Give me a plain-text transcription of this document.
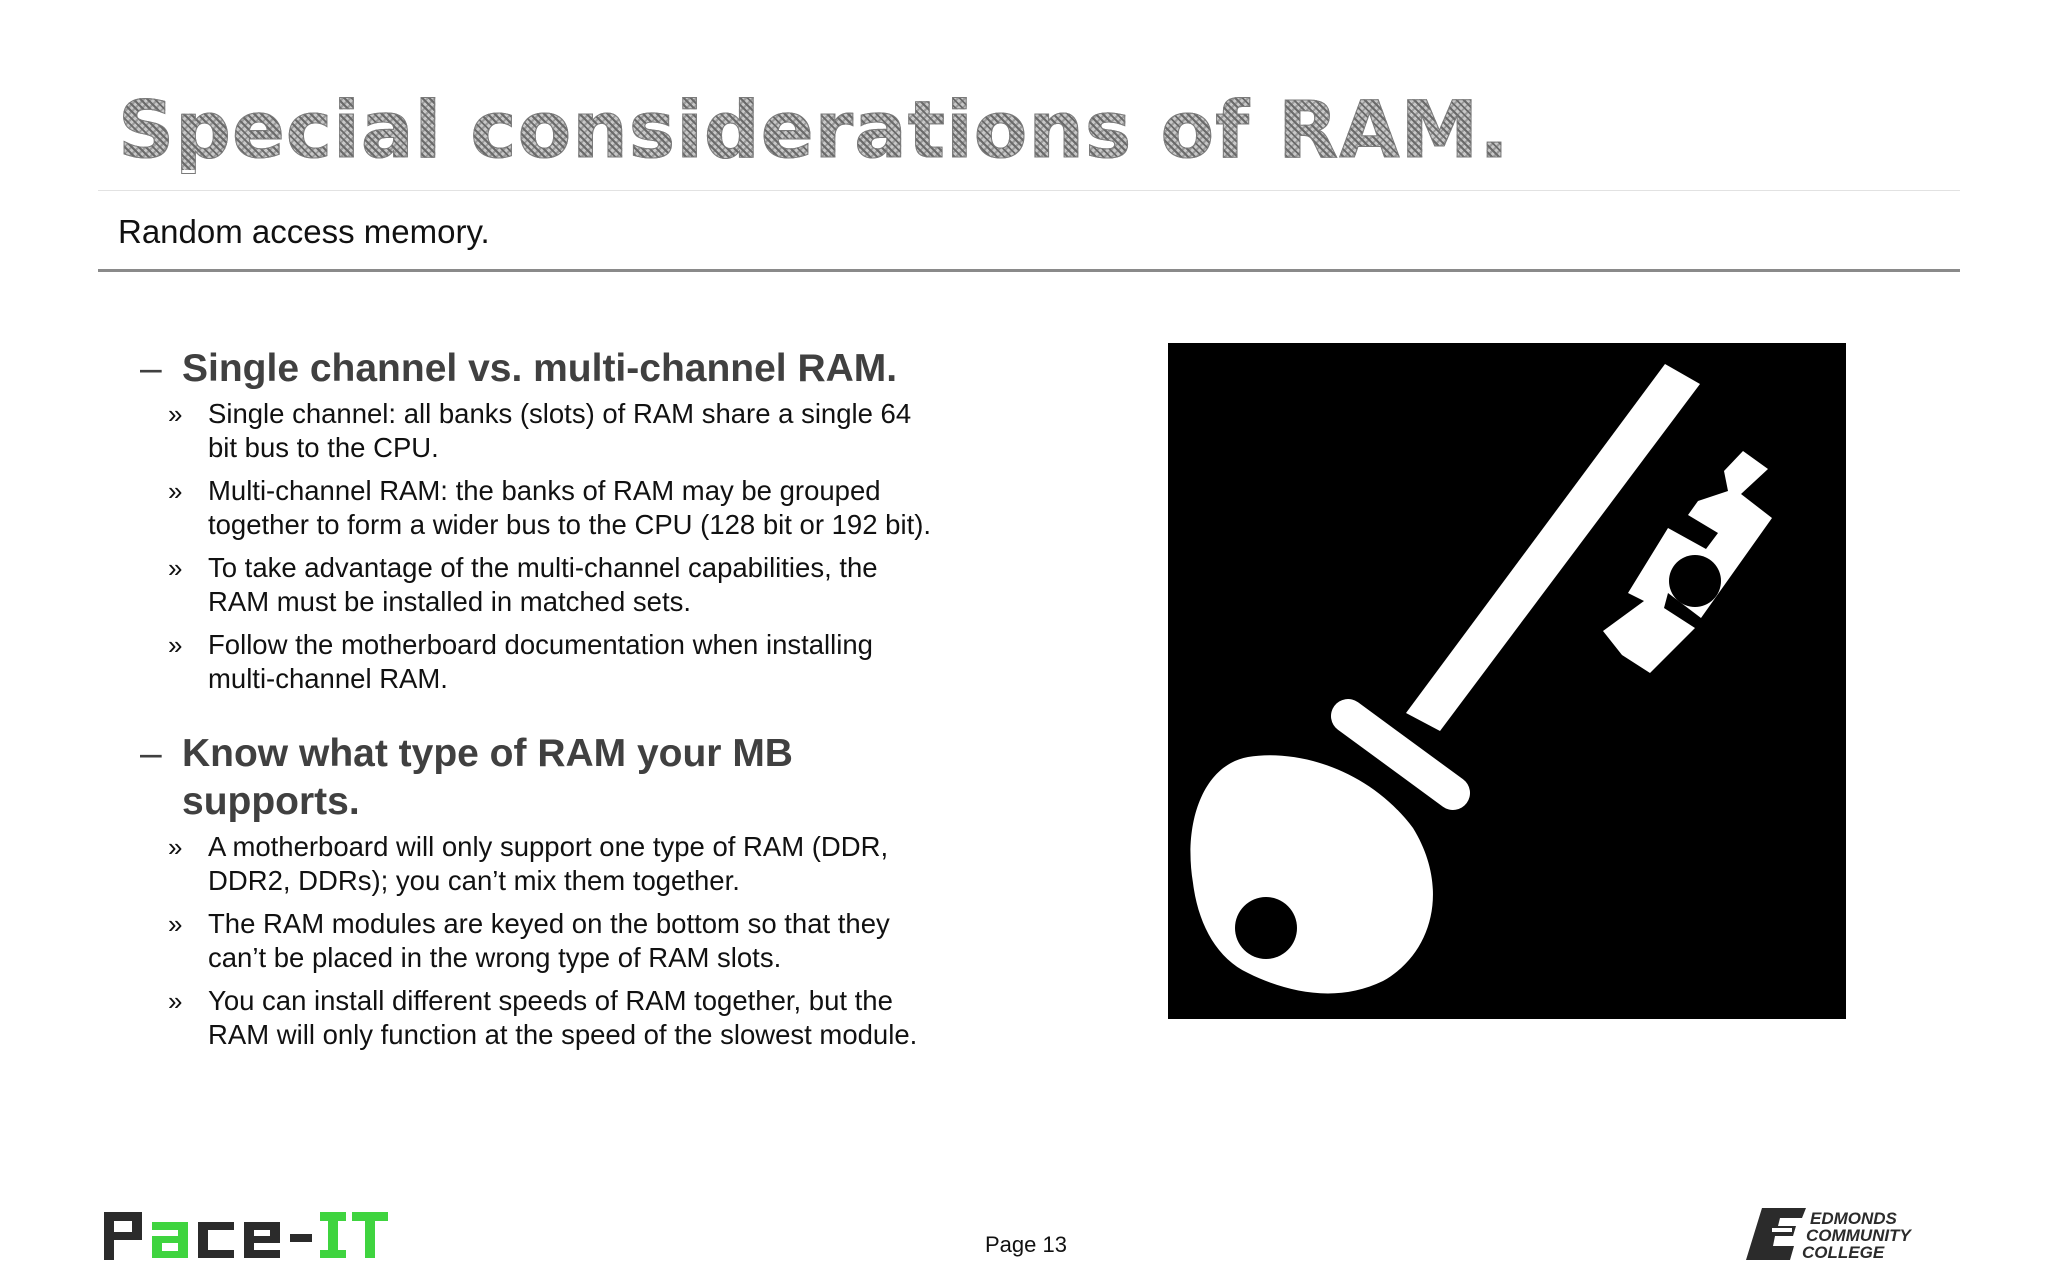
Special considerations of RAM.
Random access memory.
– Single channel vs. multi-channel RAM.
» Single channel: all banks (slots) of RAM share a single 64 bit bus to the CPU.
» Multi-channel RAM: the banks of RAM may be grouped together to form a wider bus to the CPU (128 bit or 192 bit).
» To take advantage of the multi-channel capabilities, the RAM must be installed in matched sets.
» Follow the motherboard documentation when installing multi-channel RAM.
– Know what type of RAM your MB supports.
» A motherboard will only support one type of RAM (DDR, DDR2, DDRs); you can’t mix them together.
» The RAM modules are keyed on the bottom so that they can’t be placed in the wrong type of RAM slots.
» You can install different speeds of RAM together, but the RAM will only function at the speed of the slowest module.
Page 13
EDMONDS
COMMUNITY
COLLEGE
